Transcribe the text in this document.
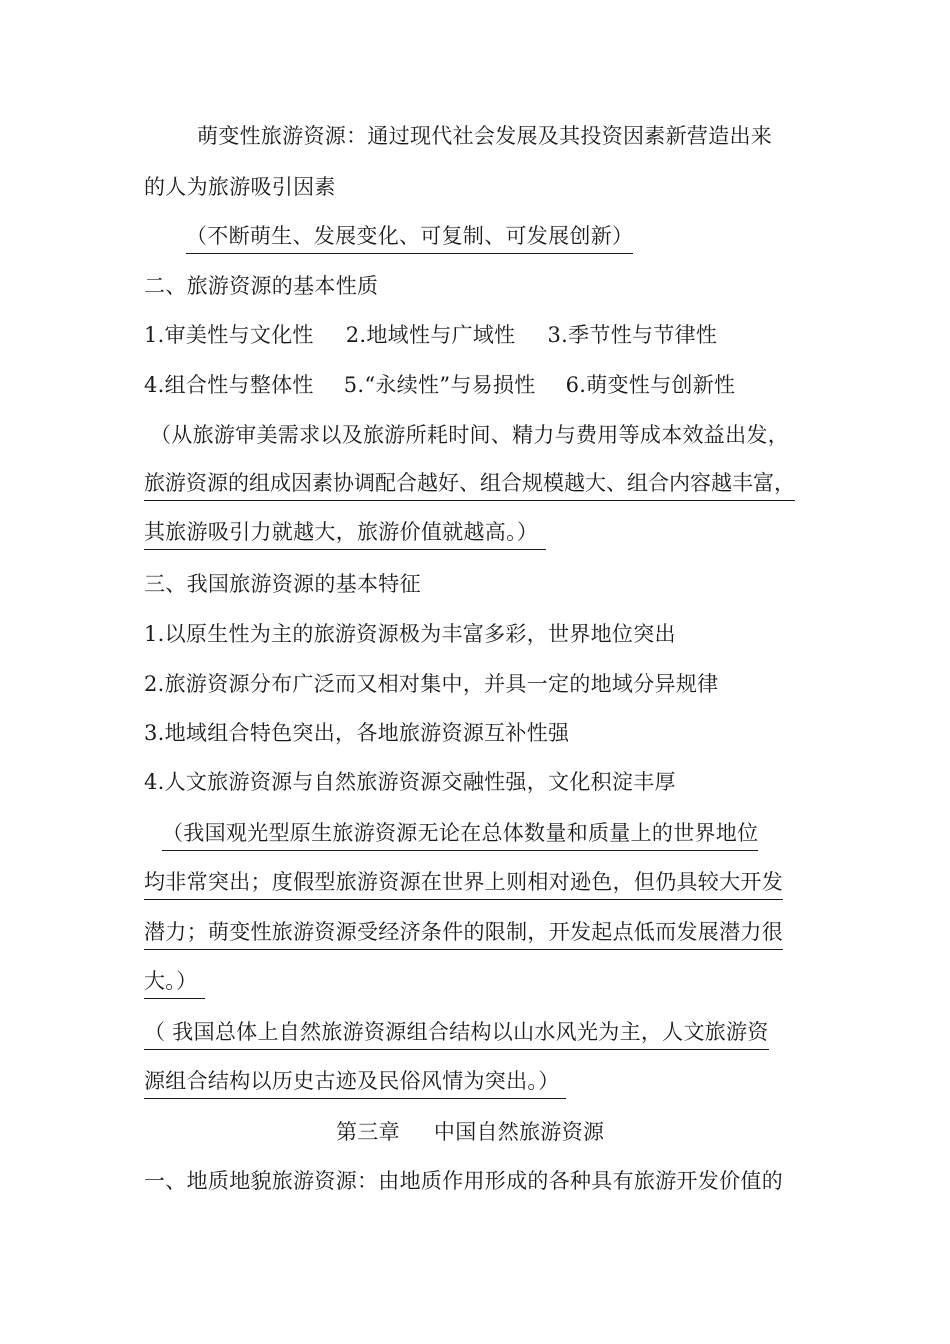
萌变性旅游资源：通过现代社会发展及其投资因素新营造出来
的人为旅游吸引因素
（不断萌生、发展变化、可复制、可发展创新）
二、旅游资源的基本性质
1.审美性与文化性 2.地域性与广域性 3.季节性与节律性
4.组合性与整体性 5.“永续性”与易损性 6.萌变性与创新性
（从旅游审美需求以及旅游所耗时间、精力与费用等成本效益出发，
旅游资源的组成因素协调配合越好、组合规模越大、组合内容越丰富，
其旅游吸引力就越大，旅游价值就越高。）
三、我国旅游资源的基本特征
1.以原生性为主的旅游资源极为丰富多彩，世界地位突出
2.旅游资源分布广泛而又相对集中，并具一定的地域分异规律
3.地域组合特色突出，各地旅游资源互补性强
4.人文旅游资源与自然旅游资源交融性强，文化积淀丰厚
（我国观光型原生旅游资源无论在总体数量和质量上的世界地位
均非常突出；度假型旅游资源在世界上则相对逊色，但仍具较大开发
潜力；萌变性旅游资源受经济条件的限制，开发起点低而发展潜力很
大。）
（ 我国总体上自然旅游资源组合结构以山水风光为主，人文旅游资
源组合结构以历史古迹及民俗风情为突出。）
第三章 中国自然旅游资源
一、地质地貌旅游资源：由地质作用形成的各种具有旅游开发价值的
